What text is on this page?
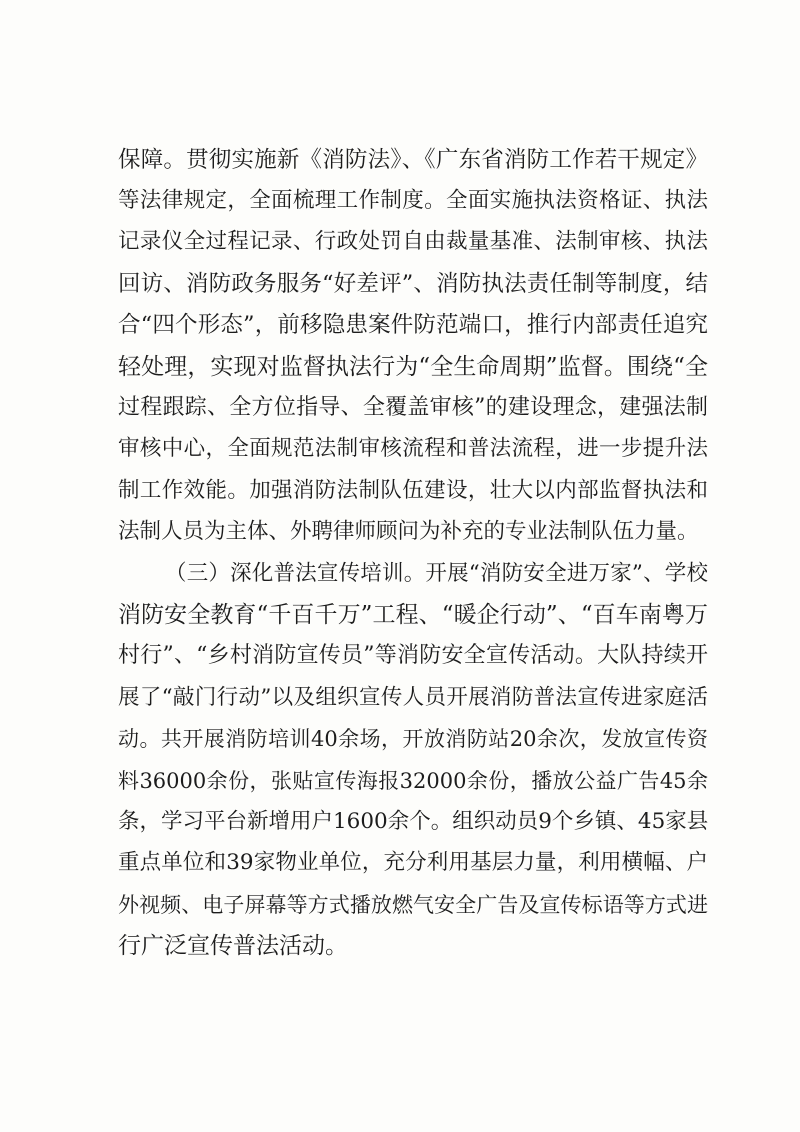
保障。贯彻实施新《消防法》、《广东省消防工作若干规定》

等法律规定，全面梳理工作制度。全面实施执法资格证、执法

记录仪全过程记录、行政处罚自由裁量基准、法制审核、执法

回访、消防政务服务“好差评”、消防执法责任制等制度，结

合“四个形态”，前移隐患案件防范端口，推行内部责任追究

轻处理，实现对监督执法行为“全生命周期”监督。围绕“全

过程跟踪、全方位指导、全覆盖审核”的建设理念，建强法制

审核中心，全面规范法制审核流程和普法流程，进一步提升法

制工作效能。加强消防法制队伍建设，壮大以内部监督执法和

法制人员为主体、外聘律师顾问为补充的专业法制队伍力量。

（三）深化普法宣传培训。开展“消防安全进万家”、学校

消防安全教育“千百千万”工程、“暖企行动”、“百车南粤万

村行”、“乡村消防宣传员”等消防安全宣传活动。大队持续开

展了“敲门行动”以及组织宣传人员开展消防普法宣传进家庭活

动。共开展消防培训40余场，开放消防站20余次，发放宣传资

料36000余份，张贴宣传海报32000余份，播放公益广告45余

条，学习平台新增用户1600余个。组织动员9个乡镇、45家县

重点单位和39家物业单位，充分利用基层力量，利用横幅、户

外视频、电子屏幕等方式播放燃气安全广告及宣传标语等方式进

行广泛宣传普法活动。
